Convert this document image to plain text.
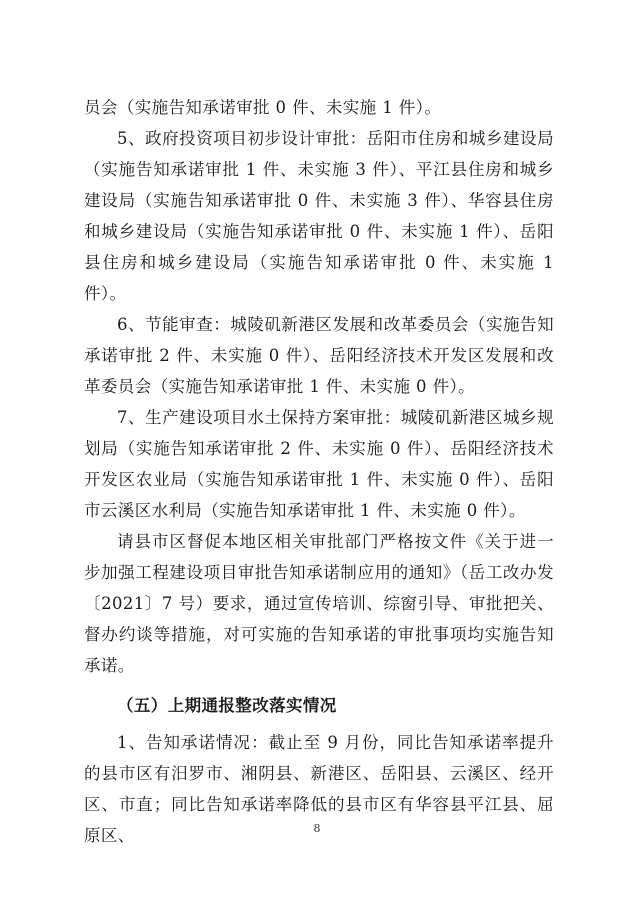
员会（实施告知承诺审批 0 件、未实施 1 件）。

5、政府投资项目初步设计审批：岳阳市住房和城乡建设局（实施告知承诺审批 1 件、未实施 3 件）、平江县住房和城乡建设局（实施告知承诺审批 0 件、未实施 3 件）、华容县住房和城乡建设局（实施告知承诺审批 0 件、未实施 1 件）、岳阳县住房和城乡建设局（实施告知承诺审批 0 件、未实施 1 件）。

6、节能审查：城陵矶新港区发展和改革委员会（实施告知承诺审批 2 件、未实施 0 件）、岳阳经济技术开发区发展和改革委员会（实施告知承诺审批 1 件、未实施 0 件）。

7、生产建设项目水土保持方案审批：城陵矶新港区城乡规划局（实施告知承诺审批 2 件、未实施 0 件）、岳阳经济技术开发区农业局（实施告知承诺审批 1 件、未实施 0 件）、岳阳市云溪区水利局（实施告知承诺审批 1 件、未实施 0 件）。

请县市区督促本地区相关审批部门严格按文件《关于进一步加强工程建设项目审批告知承诺制应用的通知》（岳工改办发〔2021〕7 号）要求，通过宣传培训、综窗引导、审批把关、督办约谈等措施，对可实施的告知承诺的审批事项均实施告知承诺。

（五）上期通报整改落实情况

1、告知承诺情况：截止至 9 月份，同比告知承诺率提升的县市区有汨罗市、湘阴县、新港区、岳阳县、云溪区、经开区、市直；同比告知承诺率降低的县市区有华容县平江县、屈原区、	8
